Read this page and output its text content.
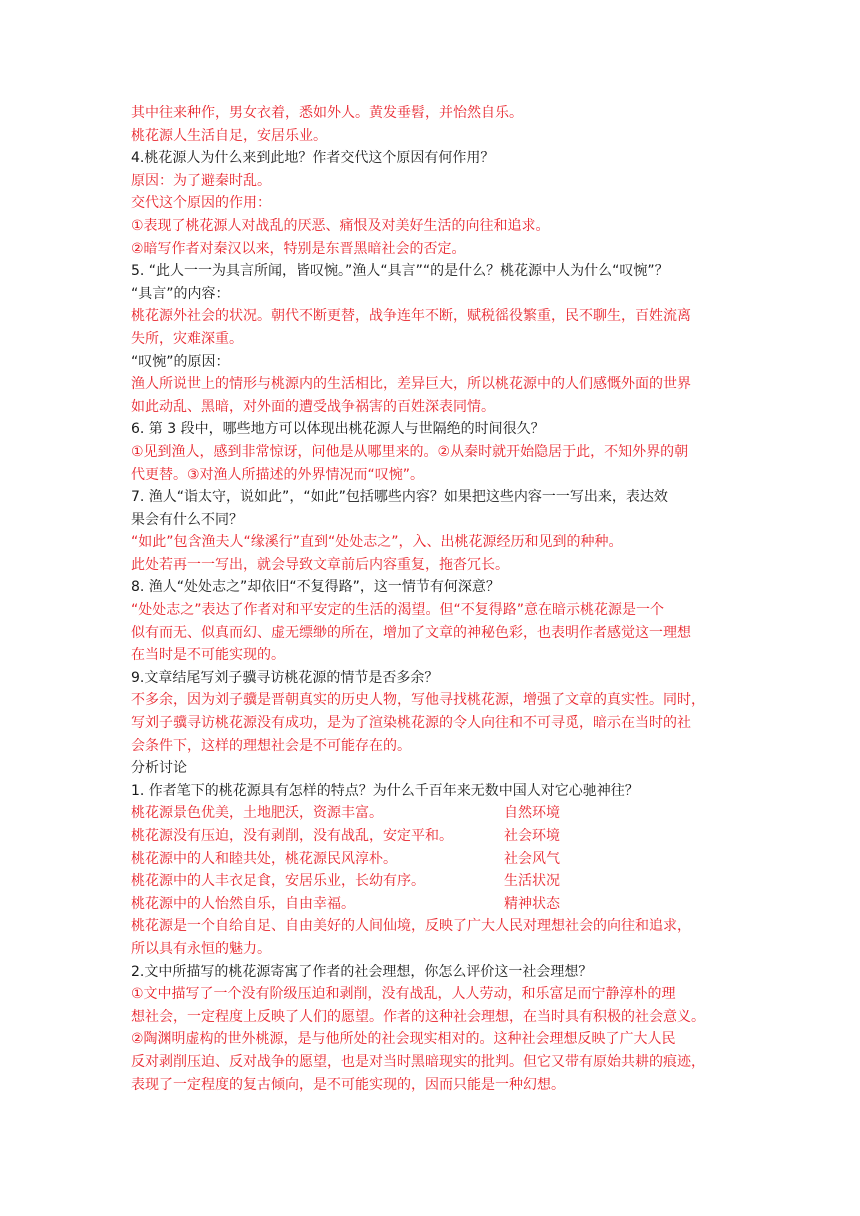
其中往来种作，男女衣着，悉如外人。黄发垂髫，并怡然自乐。
桃花源人生活自足，安居乐业。
4.桃花源人为什么来到此地？作者交代这个原因有何作用？
原因：为了避秦时乱。
交代这个原因的作用：
①表现了桃花源人对战乱的厌恶、痛恨及对美好生活的向往和追求。
②暗写作者对秦汉以来，特别是东晋黑暗社会的否定。
5. “此人一一为具言所闻，皆叹惋。”渔人“具言”“的是什么？桃花源中人为什么“叹惋”？
“具言”的内容：
桃花源外社会的状况。朝代不断更替，战争连年不断，赋税徭役繁重，民不聊生，百姓流离
失所，灾难深重。
“叹惋”的原因：
渔人所说世上的情形与桃源内的生活相比，差异巨大，所以桃花源中的人们感慨外面的世界
如此动乱、黑暗，对外面的遭受战争祸害的百姓深表同情。
6. 第 3 段中，哪些地方可以体现出桃花源人与世隔绝的时间很久？
①见到渔人，感到非常惊讶，问他是从哪里来的。②从秦时就开始隐居于此，不知外界的朝
代更替。③对渔人所描述的外界情况而“叹惋”。
7. 渔人“诣太守，说如此”，“如此”包括哪些内容？如果把这些内容一一写出来，表达效
果会有什么不同？
“如此”包含渔夫人“缘溪行”直到“处处志之”，入、出桃花源经历和见到的种种。
此处若再一一写出，就会导致文章前后内容重复，拖沓冗长。
8. 渔人“处处志之”却依旧“不复得路”，这一情节有何深意？
“处处志之”表达了作者对和平安定的生活的渴望。但“不复得路”意在暗示桃花源是一个
似有而无、似真而幻、虚无缥缈的所在，增加了文章的神秘色彩，也表明作者感觉这一理想
在当时是不可能实现的。
9.文章结尾写刘子骥寻访桃花源的情节是否多余？
不多余，因为刘子骥是晋朝真实的历史人物，写他寻找桃花源，增强了文章的真实性。同时，
写刘子骥寻访桃花源没有成功，是为了渲染桃花源的令人向往和不可寻觅，暗示在当时的社
会条件下，这样的理想社会是不可能存在的。
分析讨论
1. 作者笔下的桃花源具有怎样的特点？为什么千百年来无数中国人对它心驰神往？
桃花源景色优美，土地肥沃，资源丰富。	自然环境
桃花源没有压迫，没有剥削，没有战乱，安定平和。	社会环境
桃花源中的人和睦共处，桃花源民风淳朴。	社会风气
桃花源中的人丰衣足食，安居乐业，长幼有序。	生活状况
桃花源中的人怡然自乐，自由幸福。	精神状态
桃花源是一个自给自足、自由美好的人间仙境，反映了广大人民对理想社会的向往和追求，
所以具有永恒的魅力。
2.文中所描写的桃花源寄寓了作者的社会理想，你怎么评价这一社会理想？
①文中描写了一个没有阶级压迫和剥削，没有战乱，人人劳动，和乐富足而宁静淳朴的理
想社会，一定程度上反映了人们的愿望。作者的这种社会理想，在当时具有积极的社会意义。
②陶渊明虚构的世外桃源，是与他所处的社会现实相对的。这种社会理想反映了广大人民
反对剥削压迫、反对战争的愿望，也是对当时黑暗现实的批判。但它又带有原始共耕的痕迹，
表现了一定程度的复古倾向，是不可能实现的，因而只能是一种幻想。
